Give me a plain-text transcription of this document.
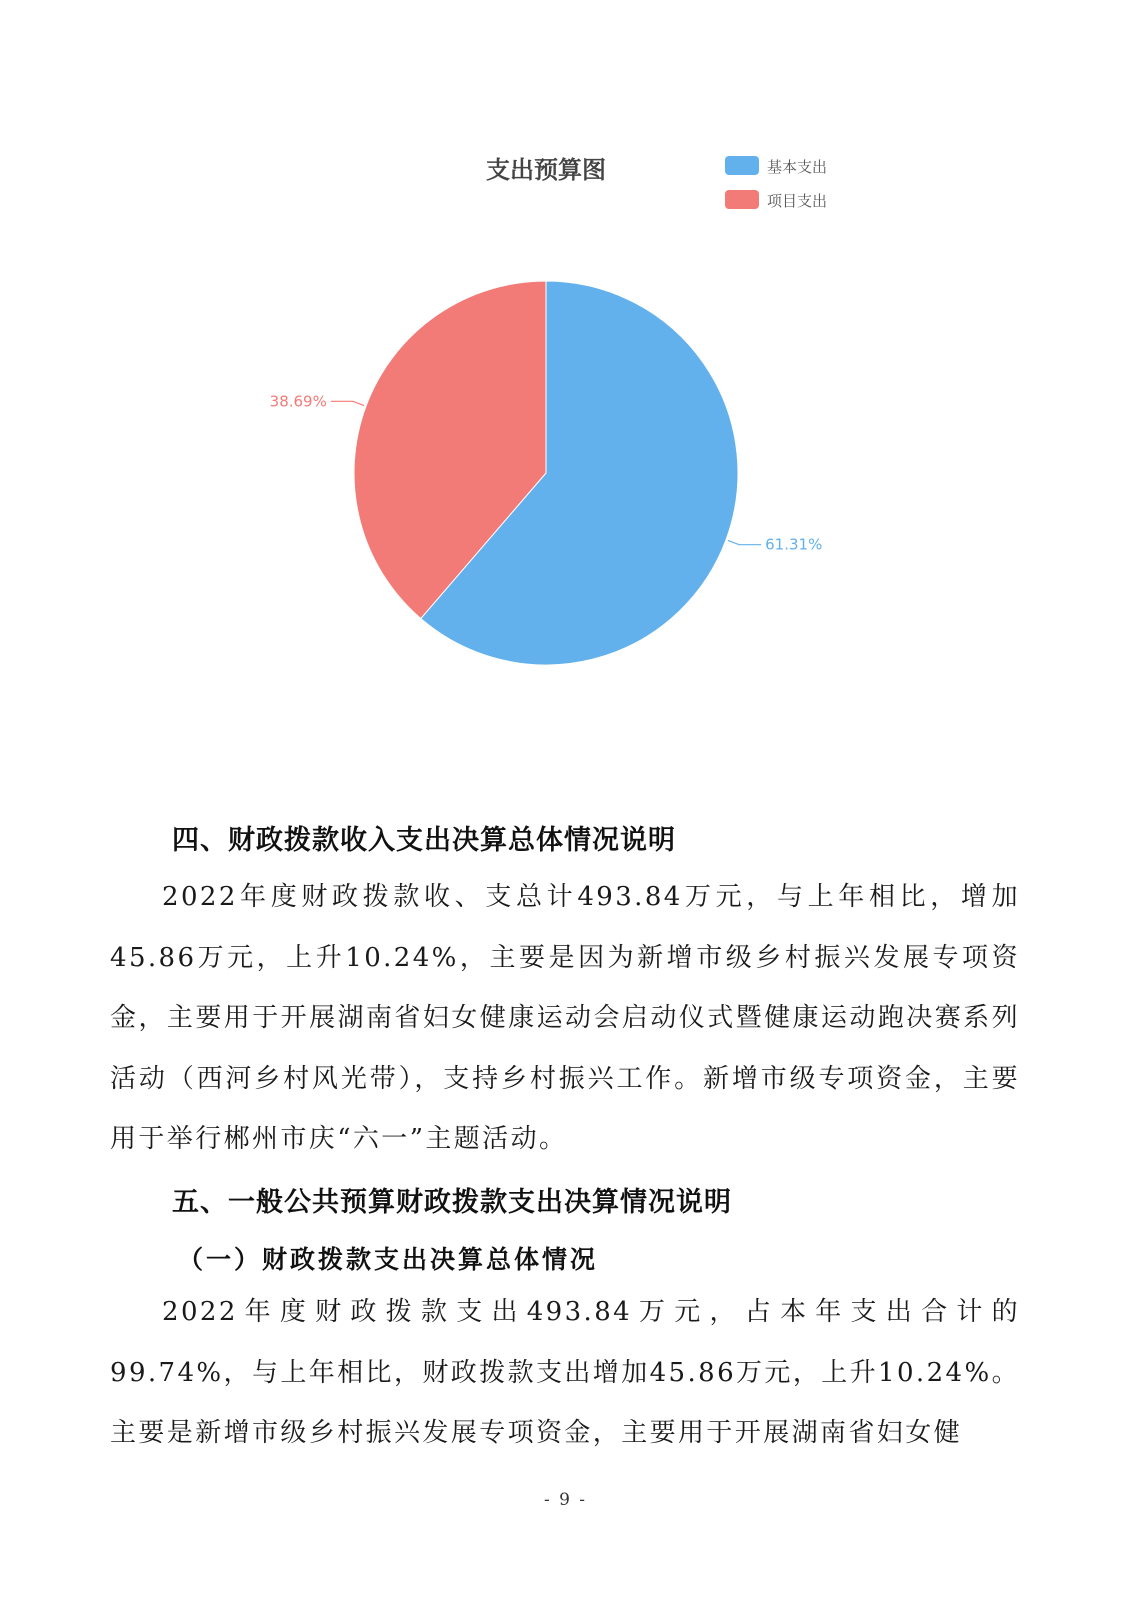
支出预算图	基本支出
项目支出
61.31%
38.69%
四、财政拨款收入支出决算总体情况说明

2022年度财政拨款收、支总计493.84万元，与上年相比，增加45.86万元，上升10.24%，主要是因为新增市级乡村振兴发展专项资金，主要用于开展湖南省妇女健康运动会启动仪式暨健康运动跑决赛系列活动（西河乡村风光带），支持乡村振兴工作。新增市级专项资金，主要用于举行郴州市庆“六一”主题活动。

五、一般公共预算财政拨款支出决算情况说明
（一）财政拨款支出决算总体情况

2022年度财政拨款支出493.84万元，占本年支出合计的99.74%，与上年相比，财政拨款支出增加45.86万元，上升10.24%。主要是新增市级乡村振兴发展专项资金，主要用于开展湖南省妇女健

- 9 -
